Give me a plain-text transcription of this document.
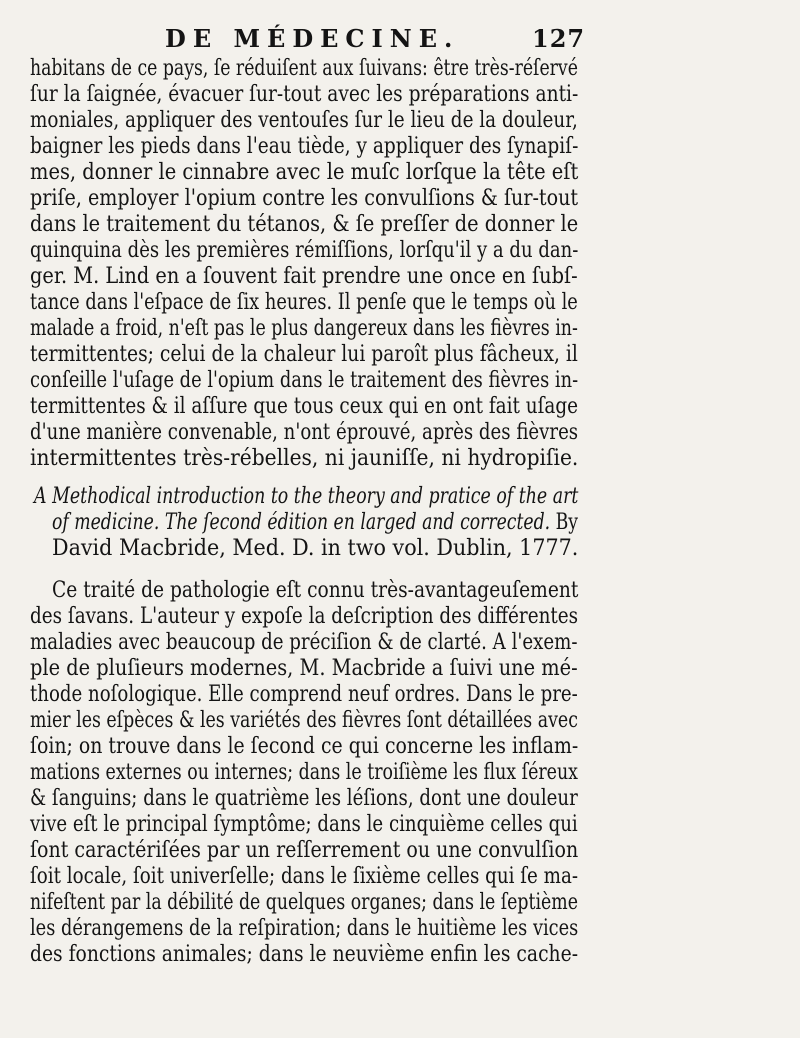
DE MÉDECINE.	127
habitans de ce pays, ſe réduiſent aux ſuivans: être très-réſervé
ſur la ſaignée, évacuer ſur-tout avec les préparations anti-
moniales, appliquer des ventouſes ſur le lieu de la douleur,
baigner les pieds dans l'eau tiède, y appliquer des ſynapiſ-
mes, donner le cinnabre avec le muſc lorſque la tête eſt
priſe, employer l'opium contre les convulſions & ſur-tout
dans le traitement du tétanos, & ſe preſſer de donner le
quinquina dès les premières rémiſſions, lorſqu'il y a du dan-
ger. M. Lind en a ſouvent fait prendre une once en ſubſ-
tance dans l'eſpace de ſix heures. Il penſe que le temps où le
malade a froid, n'eſt pas le plus dangereux dans les fièvres in-
termittentes; celui de la chaleur lui paroît plus fâcheux, il
conſeille l'uſage de l'opium dans le traitement des fièvres in-
termittentes & il aſſure que tous ceux qui en ont fait uſage
d'une manière convenable, n'ont éprouvé, après des fièvres
intermittentes très-rébelles, ni jauniſſe, ni hydropiſie.
A Methodical introduction to the theory and pratice of the art
of medicine. The ſecond édition en larged and corrected. By
David Macbride, Med. D. in two vol. Dublin, 1777.
Ce traité de pathologie eſt connu très-avantageuſement
des ſavans. L'auteur y expoſe la deſcription des différentes
maladies avec beaucoup de préciſion & de clarté. A l'exem-
ple de pluſieurs modernes, M. Macbride a ſuivi une mé-
thode noſologique. Elle comprend neuf ordres. Dans le pre-
mier les eſpèces & les variétés des fièvres ſont détaillées avec
ſoin; on trouve dans le ſecond ce qui concerne les inflam-
mations externes ou internes; dans le troiſième les flux ſéreux
& ſanguins; dans le quatrième les léſions, dont une douleur
vive eſt le principal ſymptôme; dans le cinquième celles qui
ſont caractériſées par un reſſerrement ou une convulſion
ſoit locale, ſoit univerſelle; dans le ſixième celles qui ſe ma-
nifeſtent par la débilité de quelques organes; dans le ſeptième
les dérangemens de la reſpiration; dans le huitième les vices
des fonctions animales; dans le neuvième enfin les cache-
